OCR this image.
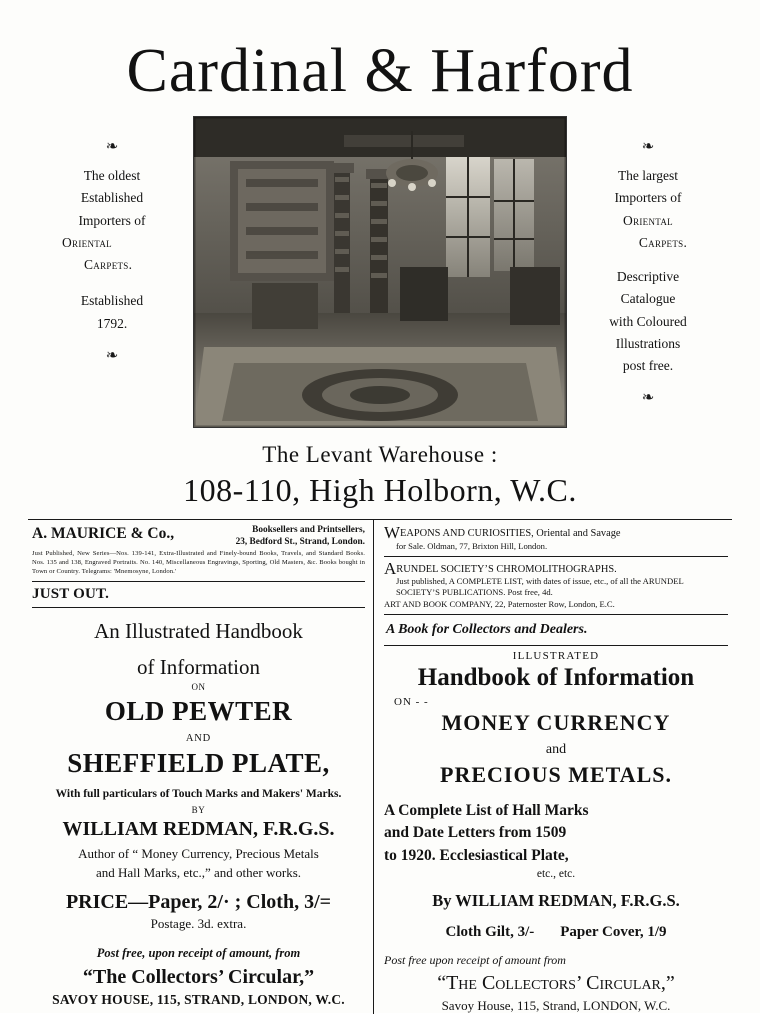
Cardinal & Harford
❧
The oldest
Established
Importers of
Oriental
Carpets.
Established
1792.
❧
❧
The largest
Importers of
Oriental
Carpets.
Descriptive
Catalogue
with Coloured
Illustrations
post free.
❧
The Levant Warehouse :
108-110, High Holborn, W.C.
A. MAURICE & Co.,	Booksellers and Printsellers,
23, Bedford St., Strand, London.
Just Published, New Series—Nos. 139-141, Extra-Illustrated and Finely-bound Books, Travels, and Standard Books. Nos. 135 and 138, Engraved Portraits. No. 140, Miscellaneous Engravings, Sporting, Old Masters, &c. Books bought in Town or Country. Telegrams: 'Mnemosyne, London.'
JUST OUT.
An Illustrated Handbook
of Information
ON
OLD PEWTER
AND
SHEFFIELD PLATE,
With full particulars of Touch Marks and Makers' Marks.
BY
WILLIAM REDMAN, F.R.G.S.
Author of “ Money Currency, Precious Metals
and Hall Marks, etc.,” and other works.
PRICE—Paper, 2/· ; Cloth, 3/=
Postage. 3d. extra.
Post free, upon receipt of amount, from
“The Collectors’ Circular,”
SAVOY HOUSE, 115, STRAND, LONDON, W.C.
WEAPONS AND CURIOSITIES, Oriental and Savage
for Sale. Oldman, 77, Brixton Hill, London.
ARUNDEL SOCIETY’S CHROMOLITHOGRAPHS.
Just published, A COMPLETE LIST, with dates of issue, etc., of all the ARUNDEL SOCIETY’S PUBLICATIONS. Post free, 4d.
ART AND BOOK COMPANY, 22, Paternoster Row, London, E.C.
A Book for Collectors and Dealers.
ILLUSTRATED
Handbook of Information
ON - -
MONEY CURRENCY
and
PRECIOUS METALS.
A Complete List of Hall Marks
and Date Letters from 1509
to 1920. Ecclesiastical Plate,
etc., etc.
By WILLIAM REDMAN, F.R.G.S.
Cloth Gilt, 3/- Paper Cover, 1/9
Post free upon receipt of amount from
“The Collectors’ Circular,”
Savoy House, 115, Strand, LONDON, W.C.
